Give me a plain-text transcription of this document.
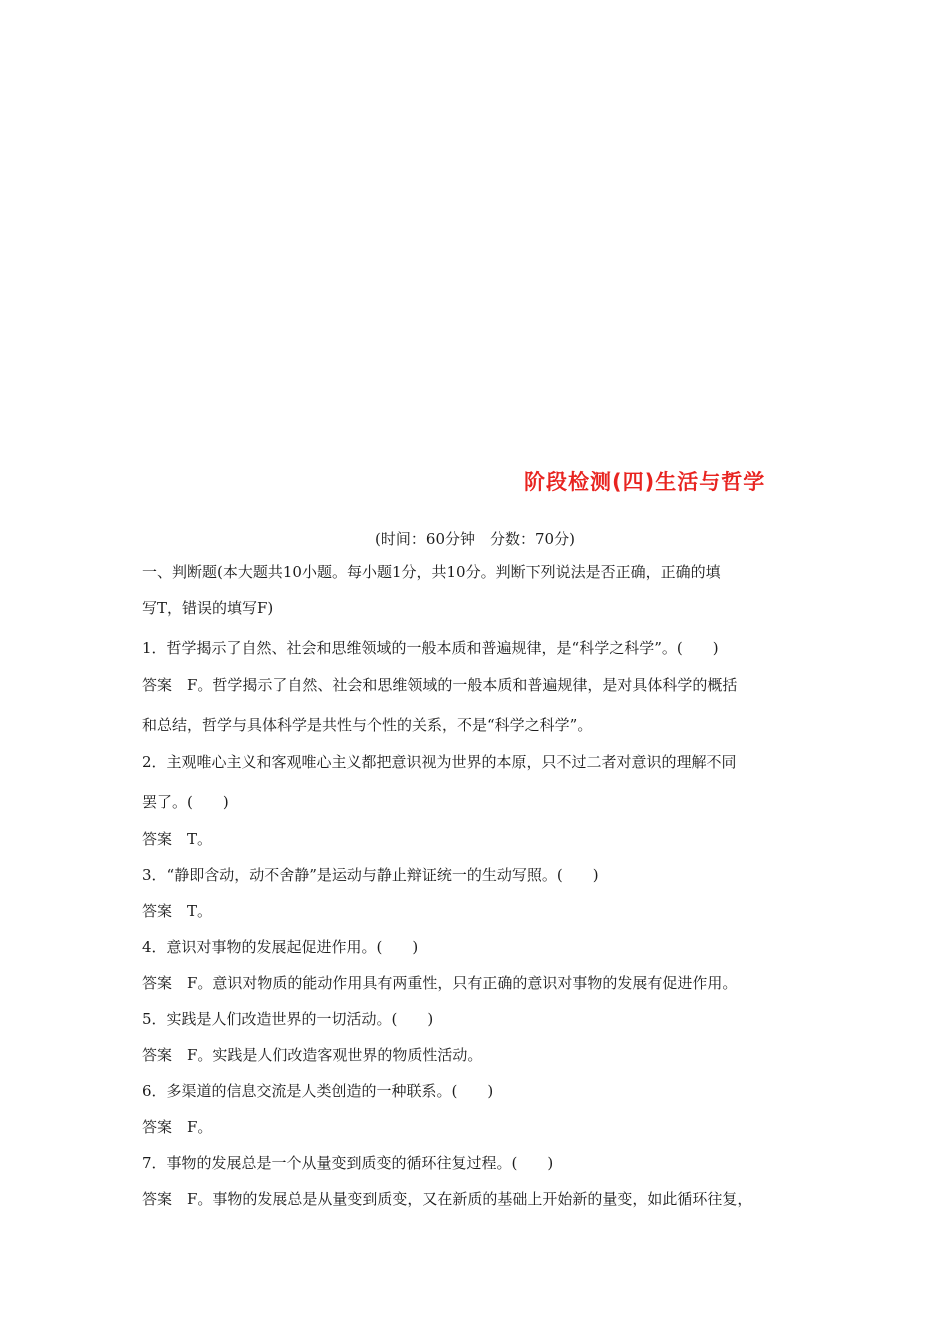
阶段检测(四)生活与哲学
(时间：60分钟　分数：70分)
一、判断题(本大题共10小题。每小题1分，共10分。判断下列说法是否正确，正确的填
写T，错误的填写F)
1．哲学揭示了自然、社会和思维领域的一般本质和普遍规律，是“科学之科学”。(　　)
答案　F。哲学揭示了自然、社会和思维领域的一般本质和普遍规律，是对具体科学的概括
和总结，哲学与具体科学是共性与个性的关系，不是“科学之科学”。
2．主观唯心主义和客观唯心主义都把意识视为世界的本原，只不过二者对意识的理解不同
罢了。(　　)
答案　T。
3．“静即含动，动不舍静”是运动与静止辩证统一的生动写照。(　　)
答案　T。
4．意识对事物的发展起促进作用。(　　)
答案　F。意识对物质的能动作用具有两重性，只有正确的意识对事物的发展有促进作用。
5．实践是人们改造世界的一切活动。(　　)
答案　F。实践是人们改造客观世界的物质性活动。
6．多渠道的信息交流是人类创造的一种联系。(　　)
答案　F。
7．事物的发展总是一个从量变到质变的循环往复过程。(　　)
答案　F。事物的发展总是从量变到质变，又在新质的基础上开始新的量变，如此循环往复，
